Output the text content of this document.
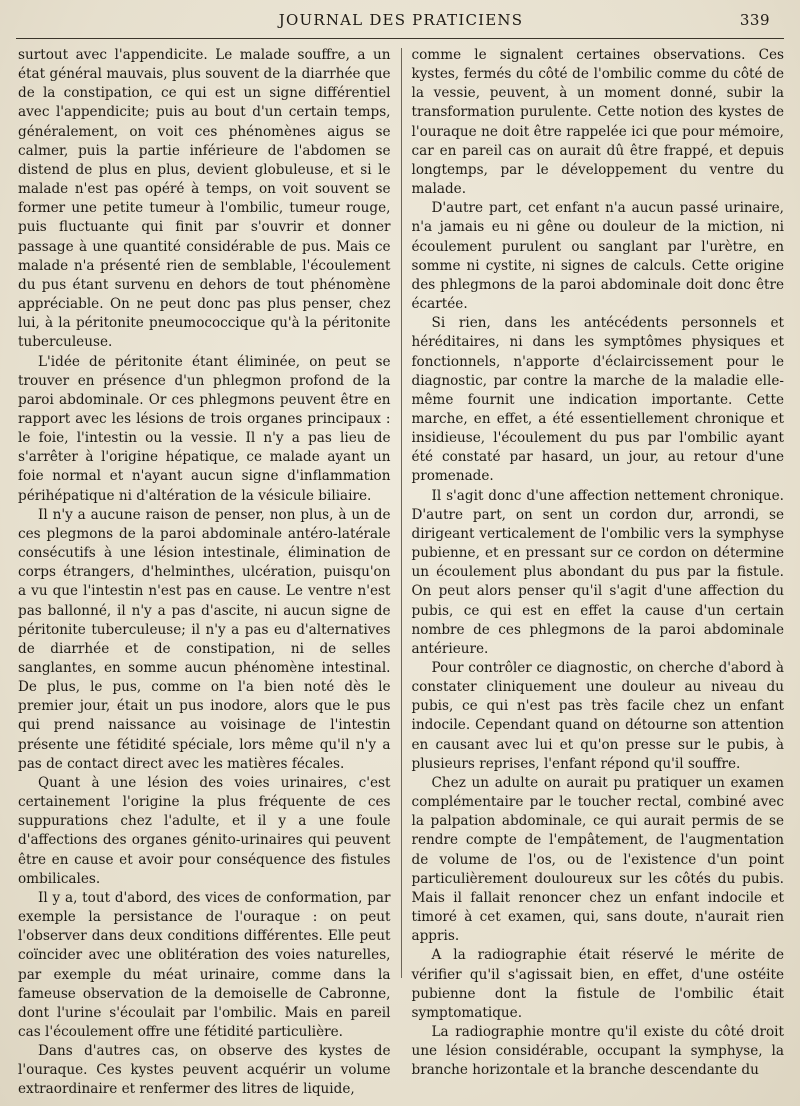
JOURNAL DES PRATICIENS	339

surtout avec l'appendicite. Le malade souffre, a un état général mauvais, plus souvent de la diarrhée que de la constipation, ce qui est un signe différentiel avec l'appendicite; puis au bout d'un certain temps, généralement, on voit ces phénomènes aigus se calmer, puis la partie inférieure de l'abdomen se distend de plus en plus, devient globuleuse, et si le malade n'est pas opéré à temps, on voit souvent se former une petite tumeur à l'ombilic, tumeur rouge, puis fluctuante qui finit par s'ouvrir et donner passage à une quantité considérable de pus. Mais ce malade n'a présenté rien de semblable, l'écoulement du pus étant survenu en dehors de tout phénomène appréciable. On ne peut donc pas plus penser, chez lui, à la péritonite pneumococcique qu'à la péritonite tuberculeuse.

L'idée de péritonite étant éliminée, on peut se trouver en présence d'un phlegmon profond de la paroi abdominale. Or ces phlegmons peuvent être en rapport avec les lésions de trois organes principaux : le foie, l'intestin ou la vessie. Il n'y a pas lieu de s'arrêter à l'origine hépatique, ce malade ayant un foie normal et n'ayant aucun signe d'inflammation périhépatique ni d'altération de la vésicule biliaire.

Il n'y a aucune raison de penser, non plus, à un de ces plegmons de la paroi abdominale antéro-latérale consécutifs à une lésion intestinale, élimination de corps étrangers, d'helminthes, ulcération, puisqu'on a vu que l'intestin n'est pas en cause. Le ventre n'est pas ballonné, il n'y a pas d'ascite, ni aucun signe de péritonite tuberculeuse; il n'y a pas eu d'alternatives de diarrhée et de constipation, ni de selles sanglantes, en somme aucun phénomène intestinal. De plus, le pus, comme on l'a bien noté dès le premier jour, était un pus inodore, alors que le pus qui prend naissance au voisinage de l'intestin présente une fétidité spéciale, lors même qu'il n'y a pas de contact direct avec les matières fécales.

Quant à une lésion des voies urinaires, c'est certainement l'origine la plus fréquente de ces suppurations chez l'adulte, et il y a une foule d'affections des organes génito-urinaires qui peuvent être en cause et avoir pour conséquence des fistules ombilicales.

Il y a, tout d'abord, des vices de conformation, par exemple la persistance de l'ouraque : on peut l'observer dans deux conditions différentes. Elle peut coïncider avec une oblitération des voies naturelles, par exemple du méat urinaire, comme dans la fameuse observation de la demoiselle de Cabronne, dont l'urine s'écoulait par l'ombilic. Mais en pareil cas l'écoulement offre une fétidité particulière.

Dans d'autres cas, on observe des kystes de l'ouraque. Ces kystes peuvent acquérir un volume extraordinaire et renfermer des litres de liquide,

comme le signalent certaines observations. Ces kystes, fermés du côté de l'ombilic comme du côté de la vessie, peuvent, à un moment donné, subir la transformation purulente. Cette notion des kystes de l'ouraque ne doit être rappelée ici que pour mémoire, car en pareil cas on aurait dû être frappé, et depuis longtemps, par le développement du ventre du malade.

D'autre part, cet enfant n'a aucun passé urinaire, n'a jamais eu ni gêne ou douleur de la miction, ni écoulement purulent ou sanglant par l'urètre, en somme ni cystite, ni signes de calculs. Cette origine des phlegmons de la paroi abdominale doit donc être écartée.

Si rien, dans les antécédents personnels et héréditaires, ni dans les symptômes physiques et fonctionnels, n'apporte d'éclaircissement pour le diagnostic, par contre la marche de la maladie elle-même fournit une indication importante. Cette marche, en effet, a été essentiellement chronique et insidieuse, l'écoulement du pus par l'ombilic ayant été constaté par hasard, un jour, au retour d'une promenade.

Il s'agit donc d'une affection nettement chronique. D'autre part, on sent un cordon dur, arrondi, se dirigeant verticalement de l'ombilic vers la symphyse pubienne, et en pressant sur ce cordon on détermine un écoulement plus abondant du pus par la fistule. On peut alors penser qu'il s'agit d'une affection du pubis, ce qui est en effet la cause d'un certain nombre de ces phlegmons de la paroi abdominale antérieure.

Pour contrôler ce diagnostic, on cherche d'abord à constater cliniquement une douleur au niveau du pubis, ce qui n'est pas très facile chez un enfant indocile. Cependant quand on détourne son attention en causant avec lui et qu'on presse sur le pubis, à plusieurs reprises, l'enfant répond qu'il souffre.

Chez un adulte on aurait pu pratiquer un examen complémentaire par le toucher rectal, combiné avec la palpation abdominale, ce qui aurait permis de se rendre compte de l'empâtement, de l'augmentation de volume de l'os, ou de l'existence d'un point particulièrement douloureux sur les côtés du pubis. Mais il fallait renoncer chez un enfant indocile et timoré à cet examen, qui, sans doute, n'aurait rien appris.

A la radiographie était réservé le mérite de vérifier qu'il s'agissait bien, en effet, d'une ostéite pubienne dont la fistule de l'ombilic était symptomatique.

La radiographie montre qu'il existe du côté droit une lésion considérable, occupant la symphyse, la branche horizontale et la branche descendante du
